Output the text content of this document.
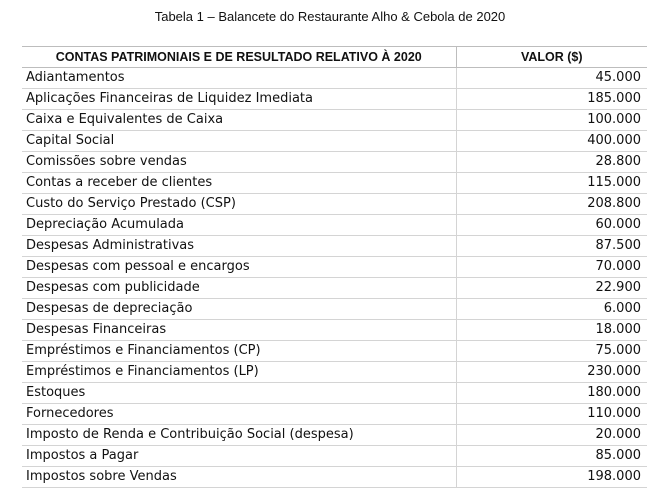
Tabela 1 – Balancete do Restaurante Alho & Cebola de 2020
CONTAS PATRIMONIAIS E DE RESULTADO RELATIVO À 2020	VALOR ($)
Adiantamentos	45.000
Aplicações Financeiras de Liquidez Imediata	185.000
Caixa e Equivalentes de Caixa	100.000
Capital Social	400.000
Comissões sobre vendas	28.800
Contas a receber de clientes	115.000
Custo do Serviço Prestado (CSP)	208.800
Depreciação Acumulada	60.000
Despesas Administrativas	87.500
Despesas com pessoal e encargos	70.000
Despesas com publicidade	22.900
Despesas de depreciação	6.000
Despesas Financeiras	18.000
Empréstimos e Financiamentos (CP)	75.000
Empréstimos e Financiamentos (LP)	230.000
Estoques	180.000
Fornecedores	110.000
Imposto de Renda e Contribuição Social (despesa)	20.000
Impostos a Pagar	85.000
Impostos sobre Vendas	198.000
